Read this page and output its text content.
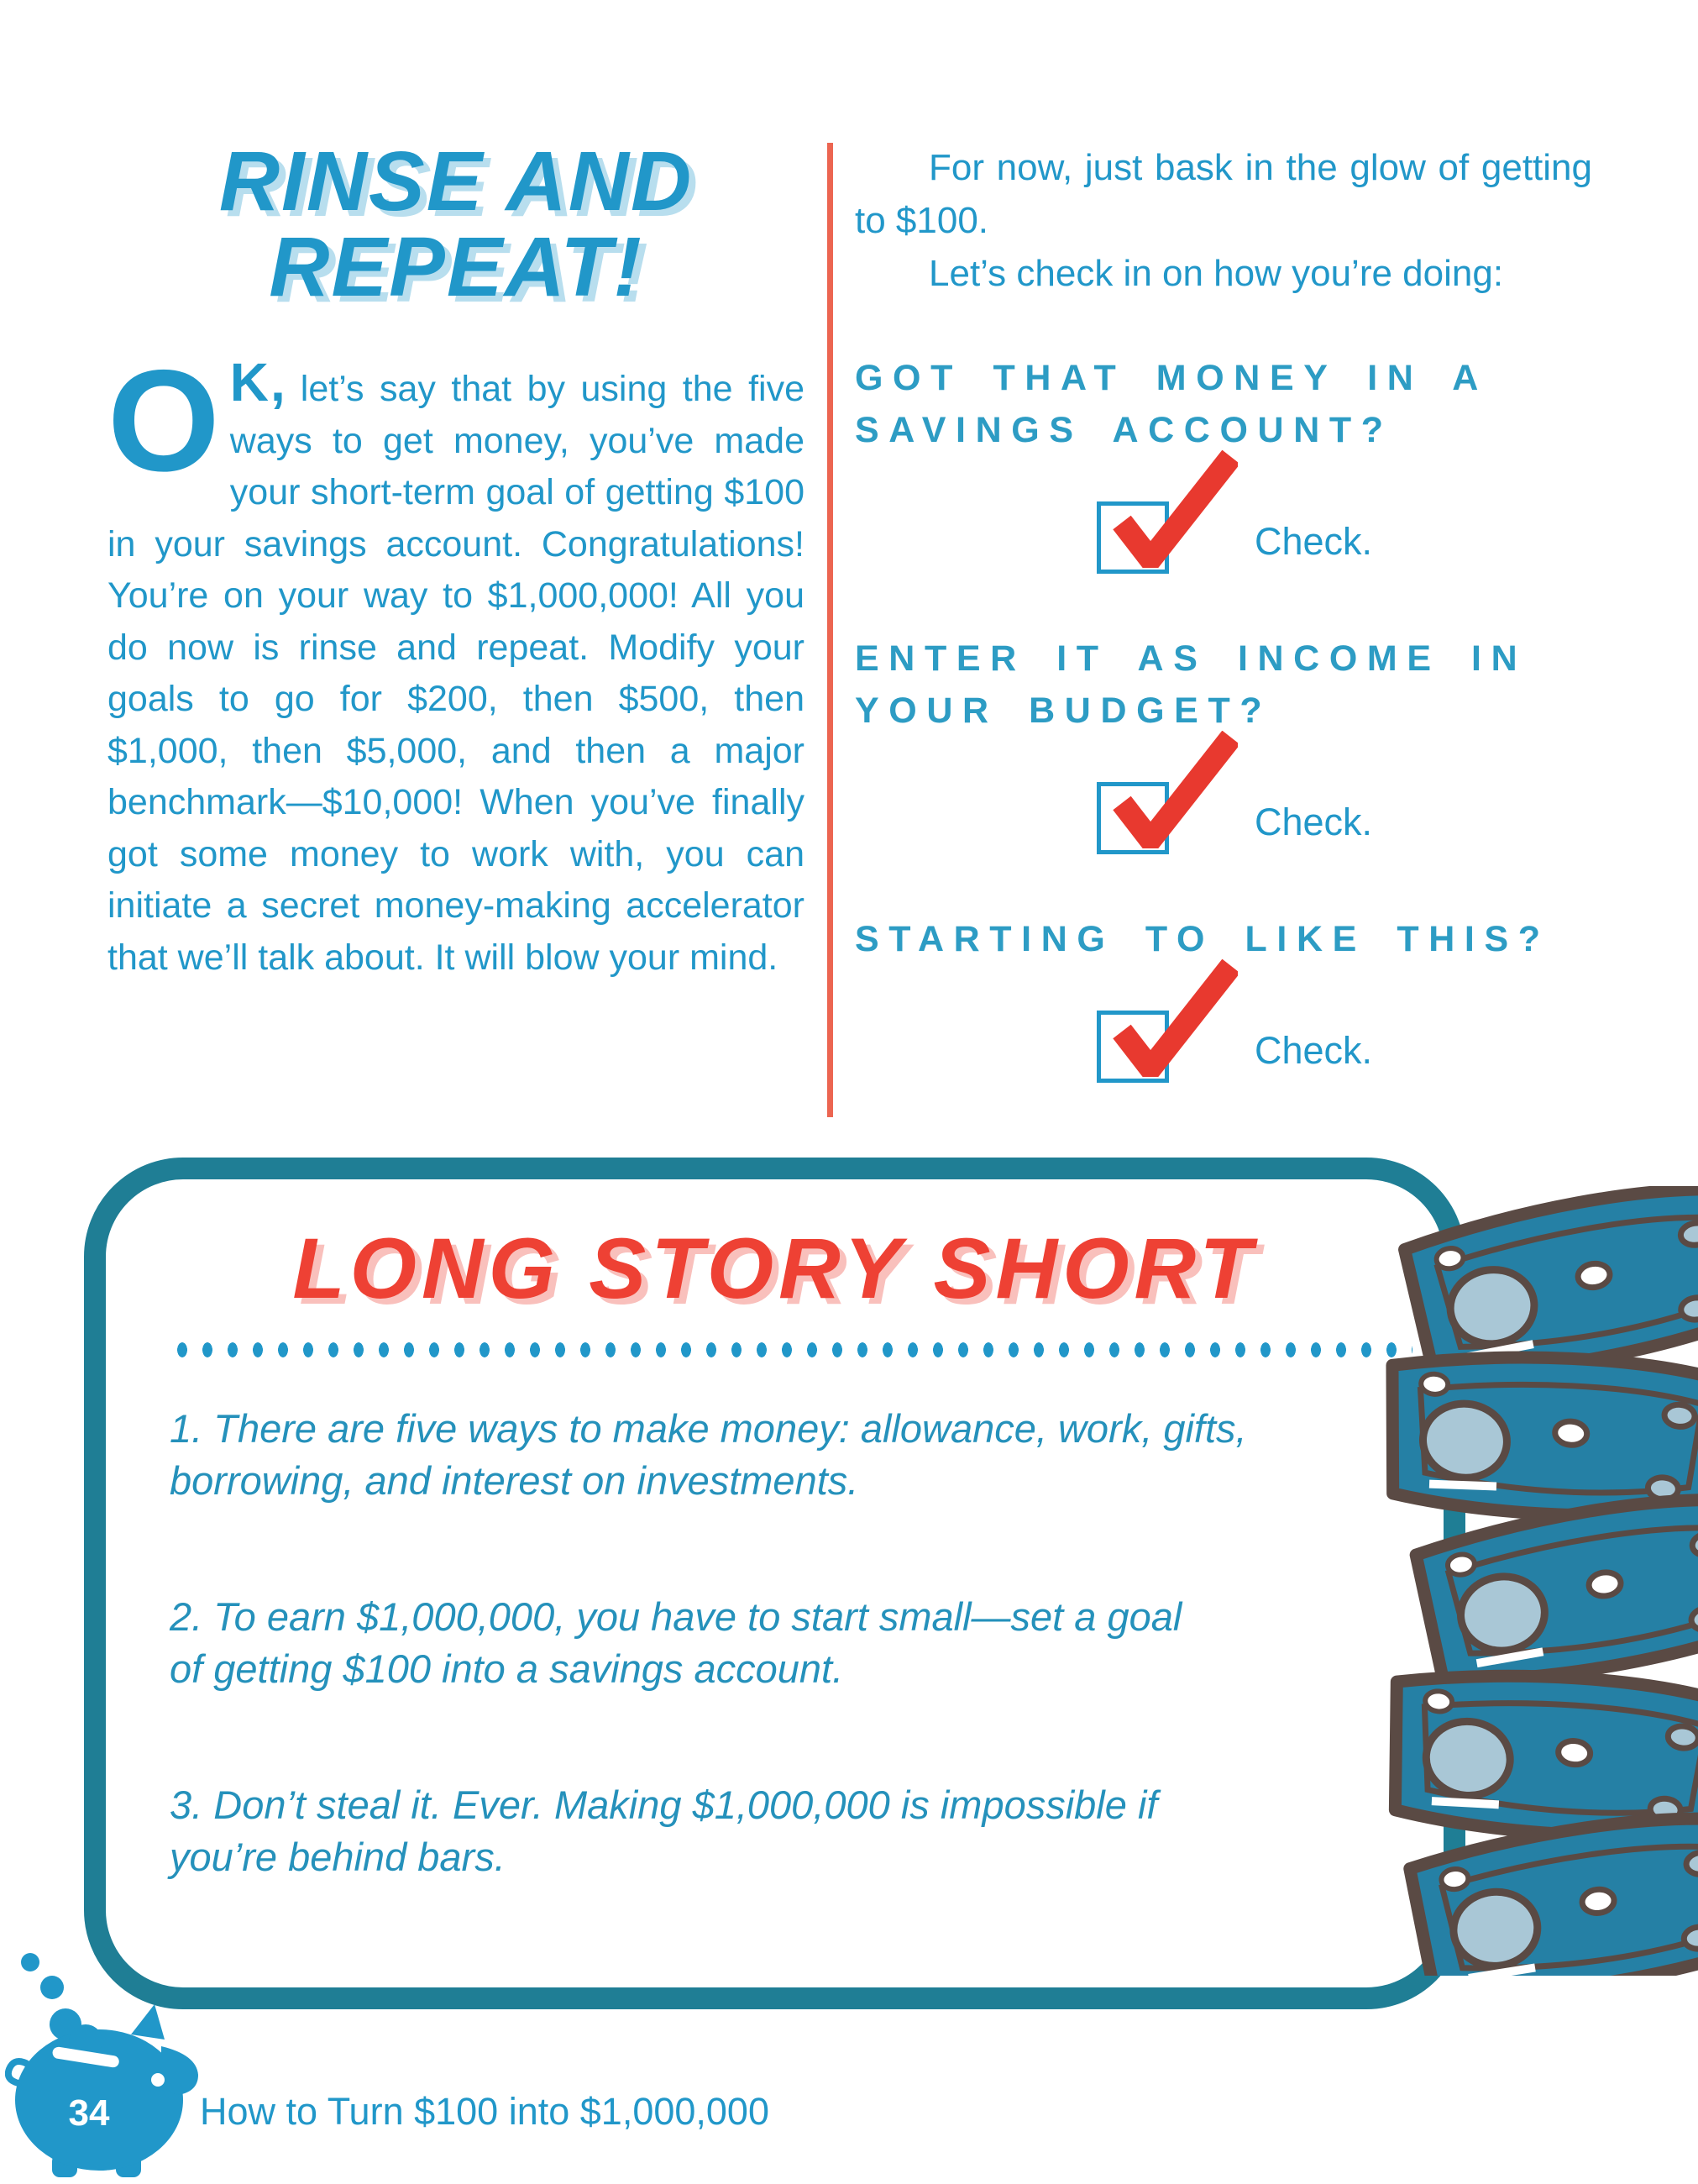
RINSE AND
REPEAT!

O K, let’s say that by using the five ways to get money, you’ve made your short-term goal of getting $100 in your savings account. Congratulations! You’re on your way to $1,000,000! All you do now is rinse and repeat. Modify your goals to go for $200, then $500, then $1,000, then $5,000, and then a major benchmark—$10,000! When you’ve finally got some money to work with, you can initiate a secret money-making accelerator that we’ll talk about. It will blow your mind.

For now, just bask in the glow of getting to $100.

Let’s check in on how you’re doing:

GOT THAT MONEY IN A
SAVINGS ACCOUNT?
Check.
ENTER IT AS INCOME IN
YOUR BUDGET?
Check.
STARTING TO LIKE THIS?
Check.
LONG STORY SHORT

1. There are five ways to make money: allowance, work, gifts,
borrowing, and interest on investments.

2. To earn $1,000,000, you have to start small—set a goal
of getting $100 into a savings account.

3. Don’t steal it. Ever. Making $1,000,000 is impossible if
you’re behind bars.

34 How to Turn $100 into $1,000,000
